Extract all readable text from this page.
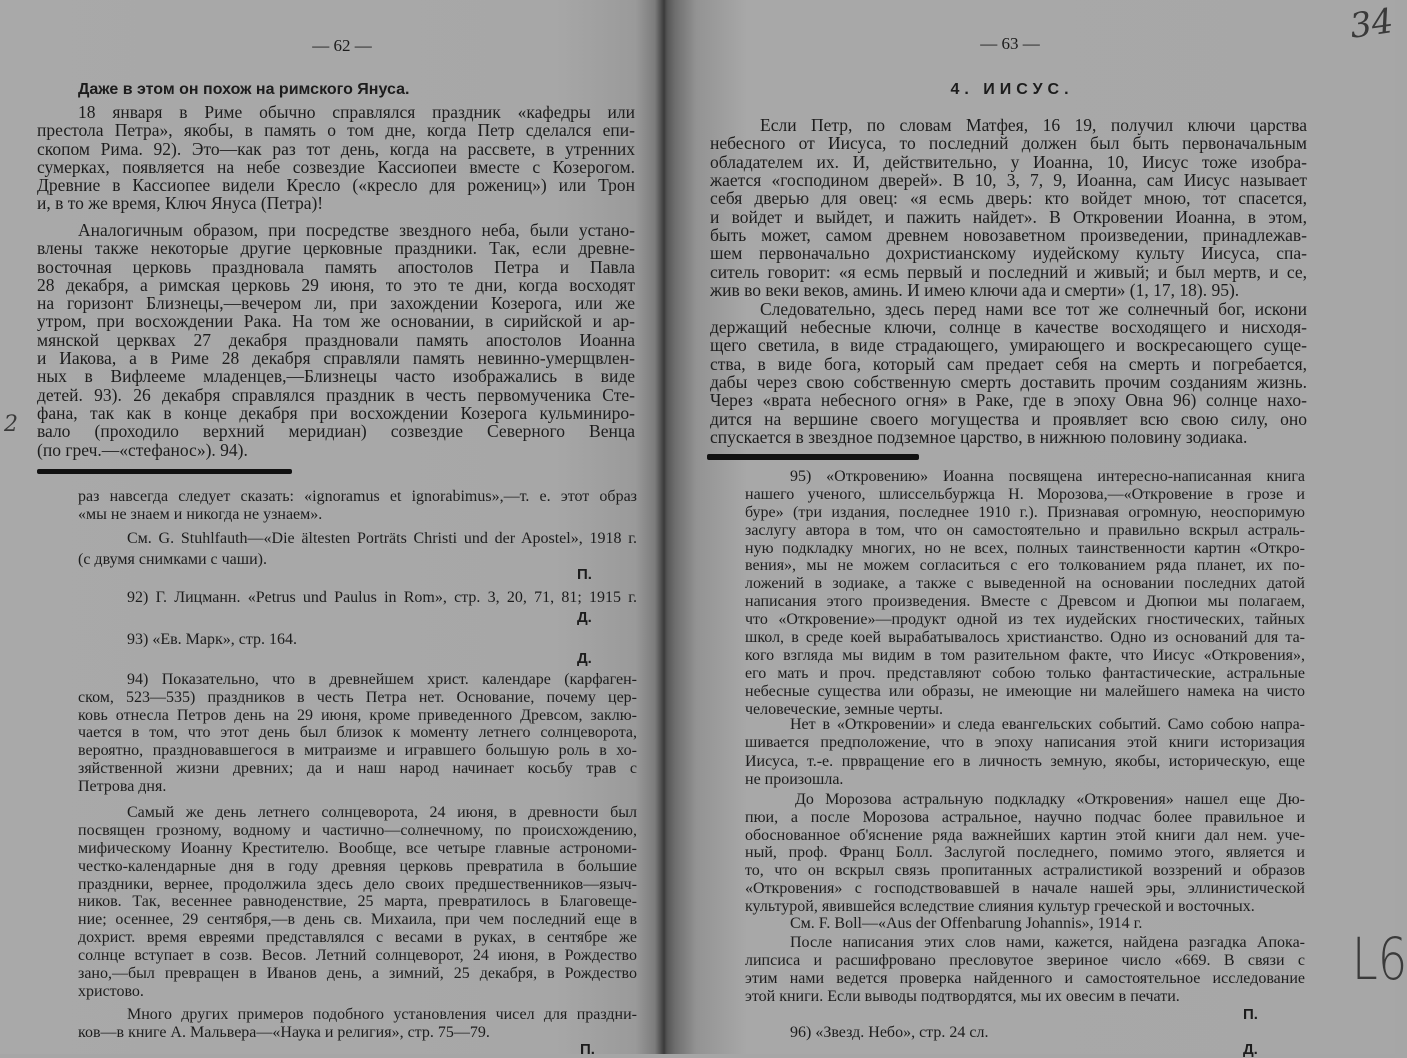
— 62 —
Даже в этом он похож на римского Януса.
18 января в Риме обычно справлялся праздник «кафедры или
престола Петра», якобы, в память о том дне, когда Петр сделался епи-
скопом Рима. 92). Это—как раз тот день, когда на рассвете, в утренних
сумерках, появляется на небе созвездие Кассиопеи вместе с Козерогом.
Древние в Кассиопее видели Кресло («кресло для рожениц») или Трон
и, в то же время, Ключ Януса (Петра)!
Аналогичным образом, при посредстве звездного неба, были устано-
влены также некоторые другие церковные праздники. Так, если древне-
восточная церковь праздновала память апостолов Петра и Павла
28 декабря, а римская церковь 29 июня, то это те дни, когда восходят
на горизонт Близнецы,—вечером ли, при захождении Козерога, или же
утром, при восхождении Рака. На том же основании, в сирийской и ар-
мянской церквах 27 декабря праздновали память апостолов Иоанна
и Иакова, а в Риме 28 декабря справляли память невинно-умерщвлен-
ных в Вифлееме младенцев,—Близнецы часто изображались в виде
детей. 93). 26 декабря справлялся праздник в честь первомученика Сте-
фана, так как в конце декабря при восхождении Козерога кульминиро-
вало (проходило верхний меридиан) созвездие Северного Венца
(по греч.—«стефанос»). 94).
раз навсегда следует сказать: «ignoramus et ignorabimus»,—т. е. этот образ
«мы не знаем и никогда не узнаем».
См. G. Stuhlfauth—«Die ältesten Porträts Christi und der Apostel», 1918 г.
(с двумя снимками с чаши).
П.
92) Г. Лицманн. «Petrus und Paulus in Rom», стр. 3, 20, 71, 81; 1915 г.
Д.
93) «Ев. Марк», стр. 164.
Д.
94) Показательно, что в древнейшем христ. календаре (карфаген-
ском, 523—535) праздников в честь Петра нет. Основание, почему цер-
ковь отнесла Петров день на 29 июня, кроме приведенного Древсом, заклю-
чается в том, что этот день был близок к моменту летнего солнцеворота,
вероятно, праздновавшегося в митраизме и игравшего большую роль в хо-
зяйственной жизни древних; да и наш народ начинает косьбу трав с
Петрова дня.
Самый же день летнего солнцеворота, 24 июня, в древности был
посвящен грозному, водному и частично—солнечному, по происхождению,
мифическому Иоанну Крестителю. Вообще, все четыре главные астрономи-
честко-календарные дня в году древняя церковь превратила в большие
праздники, вернее, продолжила здесь дело своих предшественников—языч-
ников. Так, весеннее равноденствие, 25 марта, превратилось в Благовеще-
ние; осеннее, 29 сентября,—в день св. Михаила, при чем последний еще в
дохрист. время евреями представлялся с весами в руках, в сентябре же
солнце вступает в созв. Весов. Летний солнцеворот, 24 июня, в Рождество
зано,—был превращен в Иванов день, а зимний, 25 декабря, в Рождество
христово.
Много других примеров подобного установления чисел для праздни-
ков—в книге А. Мальвера—«Наука и религия», стр. 75—79.
П.
— 63 —
4. ИИСУС.
Если Петр, по словам Матфея, 16 19, получил ключи царства
небесного от Иисуса, то последний должен был быть первоначальным
обладателем их. И, действительно, у Иоанна, 10, Иисус тоже изобра-
жается «господином дверей». В 10, 3, 7, 9, Иоанна, сам Иисус называет
себя дверью для овец: «я есмь дверь: кто войдет мною, тот спасется,
и войдет и выйдет, и пажить найдет». В Откровении Иоанна, в этом,
быть может, самом древнем новозаветном произведении, принадлежав-
шем первоначально дохристианскому иудейскому культу Иисуса, спа-
ситель говорит: «я есмь первый и последний и живый; и был мертв, и се,
жив во веки веков, аминь. И имею ключи ада и смерти» (1, 17, 18). 95).
Следовательно, здесь перед нами все тот же солнечный бог, искони
держащий небесные ключи, солнце в качестве восходящего и нисходя-
щего светила, в виде страдающего, умирающего и воскресающего суще-
ства, в виде бога, который сам предает себя на смерть и погребается,
дабы через свою собственную смерть доставить прочим созданиям жизнь.
Через «врата небесного огня» в Раке, где в эпоху Овна 96) солнце нахо-
дится на вершине своего могущества и проявляет всю свою силу, оно
спускается в звездное подземное царство, в нижнюю половину зодиака.
95) «Откровению» Иоанна посвящена интересно-написанная книга
нашего ученого, шлиссельбуржца Н. Морозова,—«Откровение в грозе и
буре» (три издания, последнее 1910 г.). Признавая огромную, неоспоримую
заслугу автора в том, что он самостоятельно и правильно вскрыл астраль-
ную подкладку многих, но не всех, полных таинственности картин «Откро-
вения», мы не можем согласиться с его толкованием ряда планет, их по-
ложений в зодиаке, а также с выведенной на основании последних датой
написания этого произведения. Вместе с Древсом и Дюпюи мы полагаем,
что «Откровение»—продукт одной из тех иудейских гностических, тайных
школ, в среде коей вырабатывалось христианство. Одно из оснований для та-
кого взгляда мы видим в том разительном факте, что Иисус «Откровения»,
его мать и проч. представляют собою только фантастические, астральные
небесные существа или образы, не имеющие ни малейшего намека на чисто
человеческие, земные черты.
Нет в «Откровении» и следа евангельских событий. Само собою напра-
шивается предположение, что в эпоху написания этой книги историзация
Иисуса, т.-е. првращение его в личность земную, якобы, историческую, еще
не произошла.
До Морозова астральную подкладку «Откровения» нашел еще Дю-
пюи, а после Морозова астральное, научно подчас более правильное и
обоснованное об'яснение ряда важнейших картин этой книги дал нем. уче-
ный, проф. Франц Болл. Заслугой последнего, помимо этого, является и
то, что он вскрыл связь пропитанных астралистикой воззрений и образов
«Откровения» с господствовавшей в начале нашей эры, эллинистической
культурой, явившейся вследствие слияния культур греческой и восточных.
См. F. Boll—«Aus der Offenbarung Johannis», 1914 г.
После написания этих слов нами, кажется, найдена разгадка Апока-
липсиса и расшифровано пресловутое звериное число «669. В связи с
этим нами ведется проверка найденного и самостоятельное исследование
этой книги. Если выводы подтвордятся, мы их овесим в печати.
П.
96) «Звезд. Небо», стр. 24 сл.
Д.
34
L6
2
